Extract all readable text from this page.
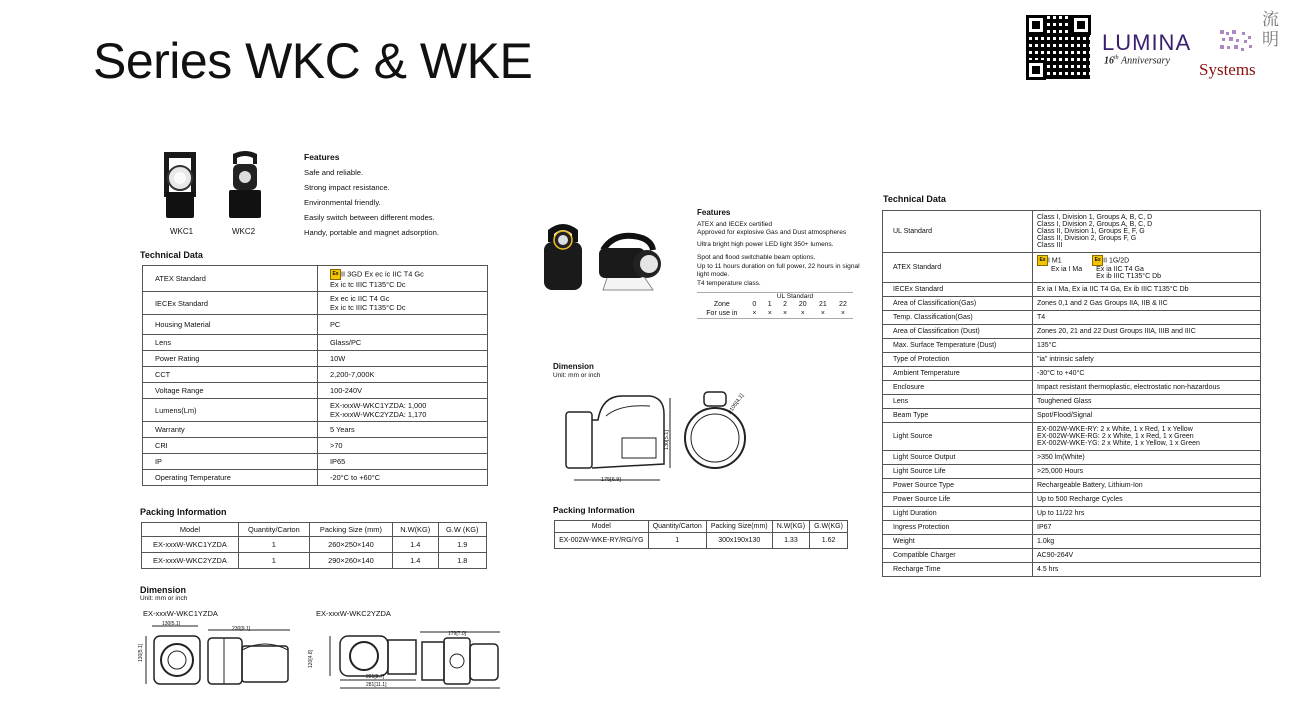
Series WKC & WKE	LUMINA
16th Anniversary Systems
流
明
WKC1	WKC2
Features
Safe and reliable.
Strong impact resistance.
Environmental friendly.
Easily switch between different modes.
Handy, portable and magnet adsorption.
Technical Data
ATEX Standard	Ex II 3GD Ex ec ic IIC T4 Gc
Ex ic tc IIIC T135°C Dc
IECEx Standard	Ex ec ic IIC T4 Gc
Ex ic tc IIIC T135°C Dc
Housing Material	PC
Lens	Glass/PC
Power Rating	10W
CCT	2,200-7,000K
Voltage Range	100-240V
Lumens(Lm)	EX-xxxW-WKC1YZDA: 1,000
EX-xxxW-WKC2YZDA: 1,170
Warranty	5 Years
CRI	>70
IP	IP65
Operating Temperature	-20°C to +60°C
Packing Information
Model	Quantity/Carton	Packing Size (mm)	N.W(KG)	G.W (KG)
EX-xxxW-WKC1YZDA	1	260×250×140	1.4	1.9
EX-xxxW-WKC2YZDA	1	290×260×140	1.4	1.8
Dimension
Unit: mm or inch
EX-xxxW-WKC1YZDA	EX-xxxW-WKC2YZDA
130[5.1]
230[9.1]
130[5.1]
179[7.0]
120[4.8]
221[8.7]
281[11.1]
Features
ATEX and IECEx certified
Approved for explosive Gas and Dust atmospheres
Ultra bright high power LED light 350+ lumens.
Spot and flood switchable beam options.
Up to 11 hours duration on full power, 22 hours in signal light mode.
T4 temperature class.
UL Standard
Zone	0	1	2	20	21	22
For use in	×	×	×	×	×	×
Dimension
Unit: mm or inch
175[6.9]
130[5.1]
ø105[4.1]
Packing Information
Model	Quantity/Carton	Packing Size(mm)	N.W(KG)	G.W(KG)
EX-002W-WKE-RY/RG/YG	1	300x190x130	1.33	1.62
Technical Data
UL Standard	Class I, Division 1, Groups A, B, C, D
Class I, Division 2, Groups A, B, C, D
Class II, Division 1, Groups E, F, G
Class II, Division 2, Groups F, G
Class III
ATEX Standard	Ex I M1
Ex ia I Ma
Ex II 1G/2D
Ex ia IIC T4 Ga
Ex ib IIIC T135°C Db

IECEx Standard	Ex ia I Ma, Ex ia IIC T4 Ga, Ex ib IIIC T135°C Db
Area of Classification(Gas)	Zones 0,1 and 2 Gas Groups IIA, IIB & IIC
Temp. Classification(Gas)	T4
Area of Classification (Dust)	Zones 20, 21 and 22 Dust Groups IIIA, IIIB and IIIC
Max. Surface Temperature (Dust)	135°C
Type of Protection	"ia" intrinsic safety
Ambient Temperature	-30°C to +40°C
Enclosure	Impact resistant thermoplastic, electrostatic non-hazardous
Lens	Toughened Glass
Beam Type	Spot/Flood/Signal
Light Source	EX-002W-WKE-RY: 2 x White, 1 x Red, 1 x Yellow
EX-002W-WKE-RG: 2 x White, 1 x Red, 1 x Green
EX-002W-WKE-YG: 2 x White, 1 x Yellow, 1 x Green
Light Source Output	>350 lm(White)
Light Source Life	>25,000 Hours
Power Source Type	Rechargeable Battery, Lithium-Ion
Power Source Life	Up to 500 Recharge Cycles
Light Duration	Up to 11/22 hrs
Ingress Protection	IP67
Weight	1.0kg
Compatible Charger	AC90-264V
Recharge Time	4.5 hrs
